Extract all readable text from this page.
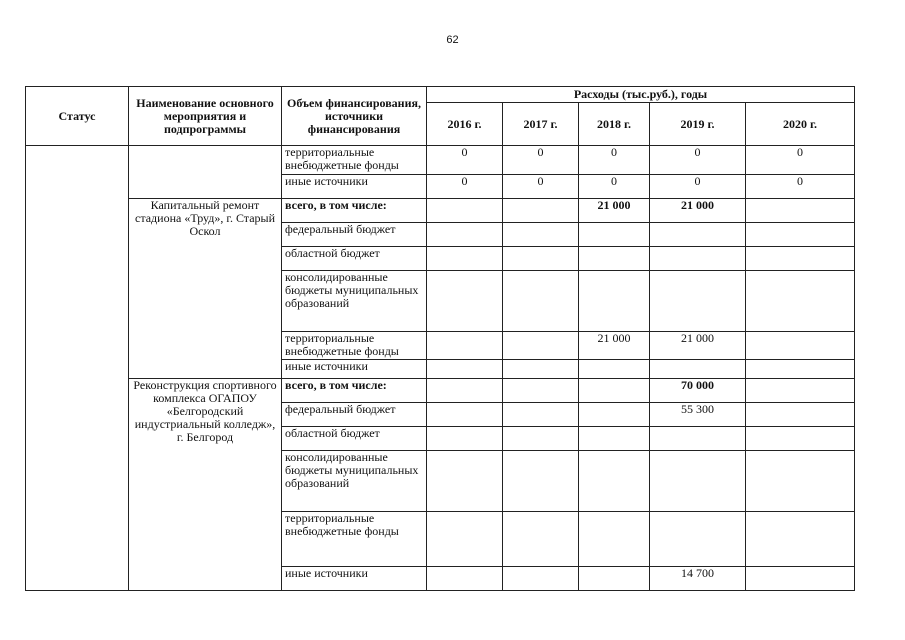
62
Статус	Наименование основного мероприятия и подпрограммы	Объем финансирования, источники финансирования	Расходы (тыс.руб.), годы				
			2016 г.	2017 г.	2018 г.	2019 г.	2020 г.
		территориальные внебюджетные фонды	0	0	0	0	0
		иные источники	0	0	0	0	0
	Капитальный ремонт стадиона «Труд», г. Старый Оскол	всего, в том числе:			21 000	21 000	
		федеральный бюджет					
		областной бюджет					
		консолидированные бюджеты муниципальных образований					
		территориальные внебюджетные фонды			21 000	21 000	
		иные источники					
	Реконструкция спортивного комплекса ОГАПОУ «Белгородский индустриальный колледж», г. Белгород	всего, в том числе:				70 000	
		федеральный бюджет				55 300	
		областной бюджет					
		консолидированные бюджеты муниципальных образований					
		территориальные внебюджетные фонды					
		иные источники				14 700	
